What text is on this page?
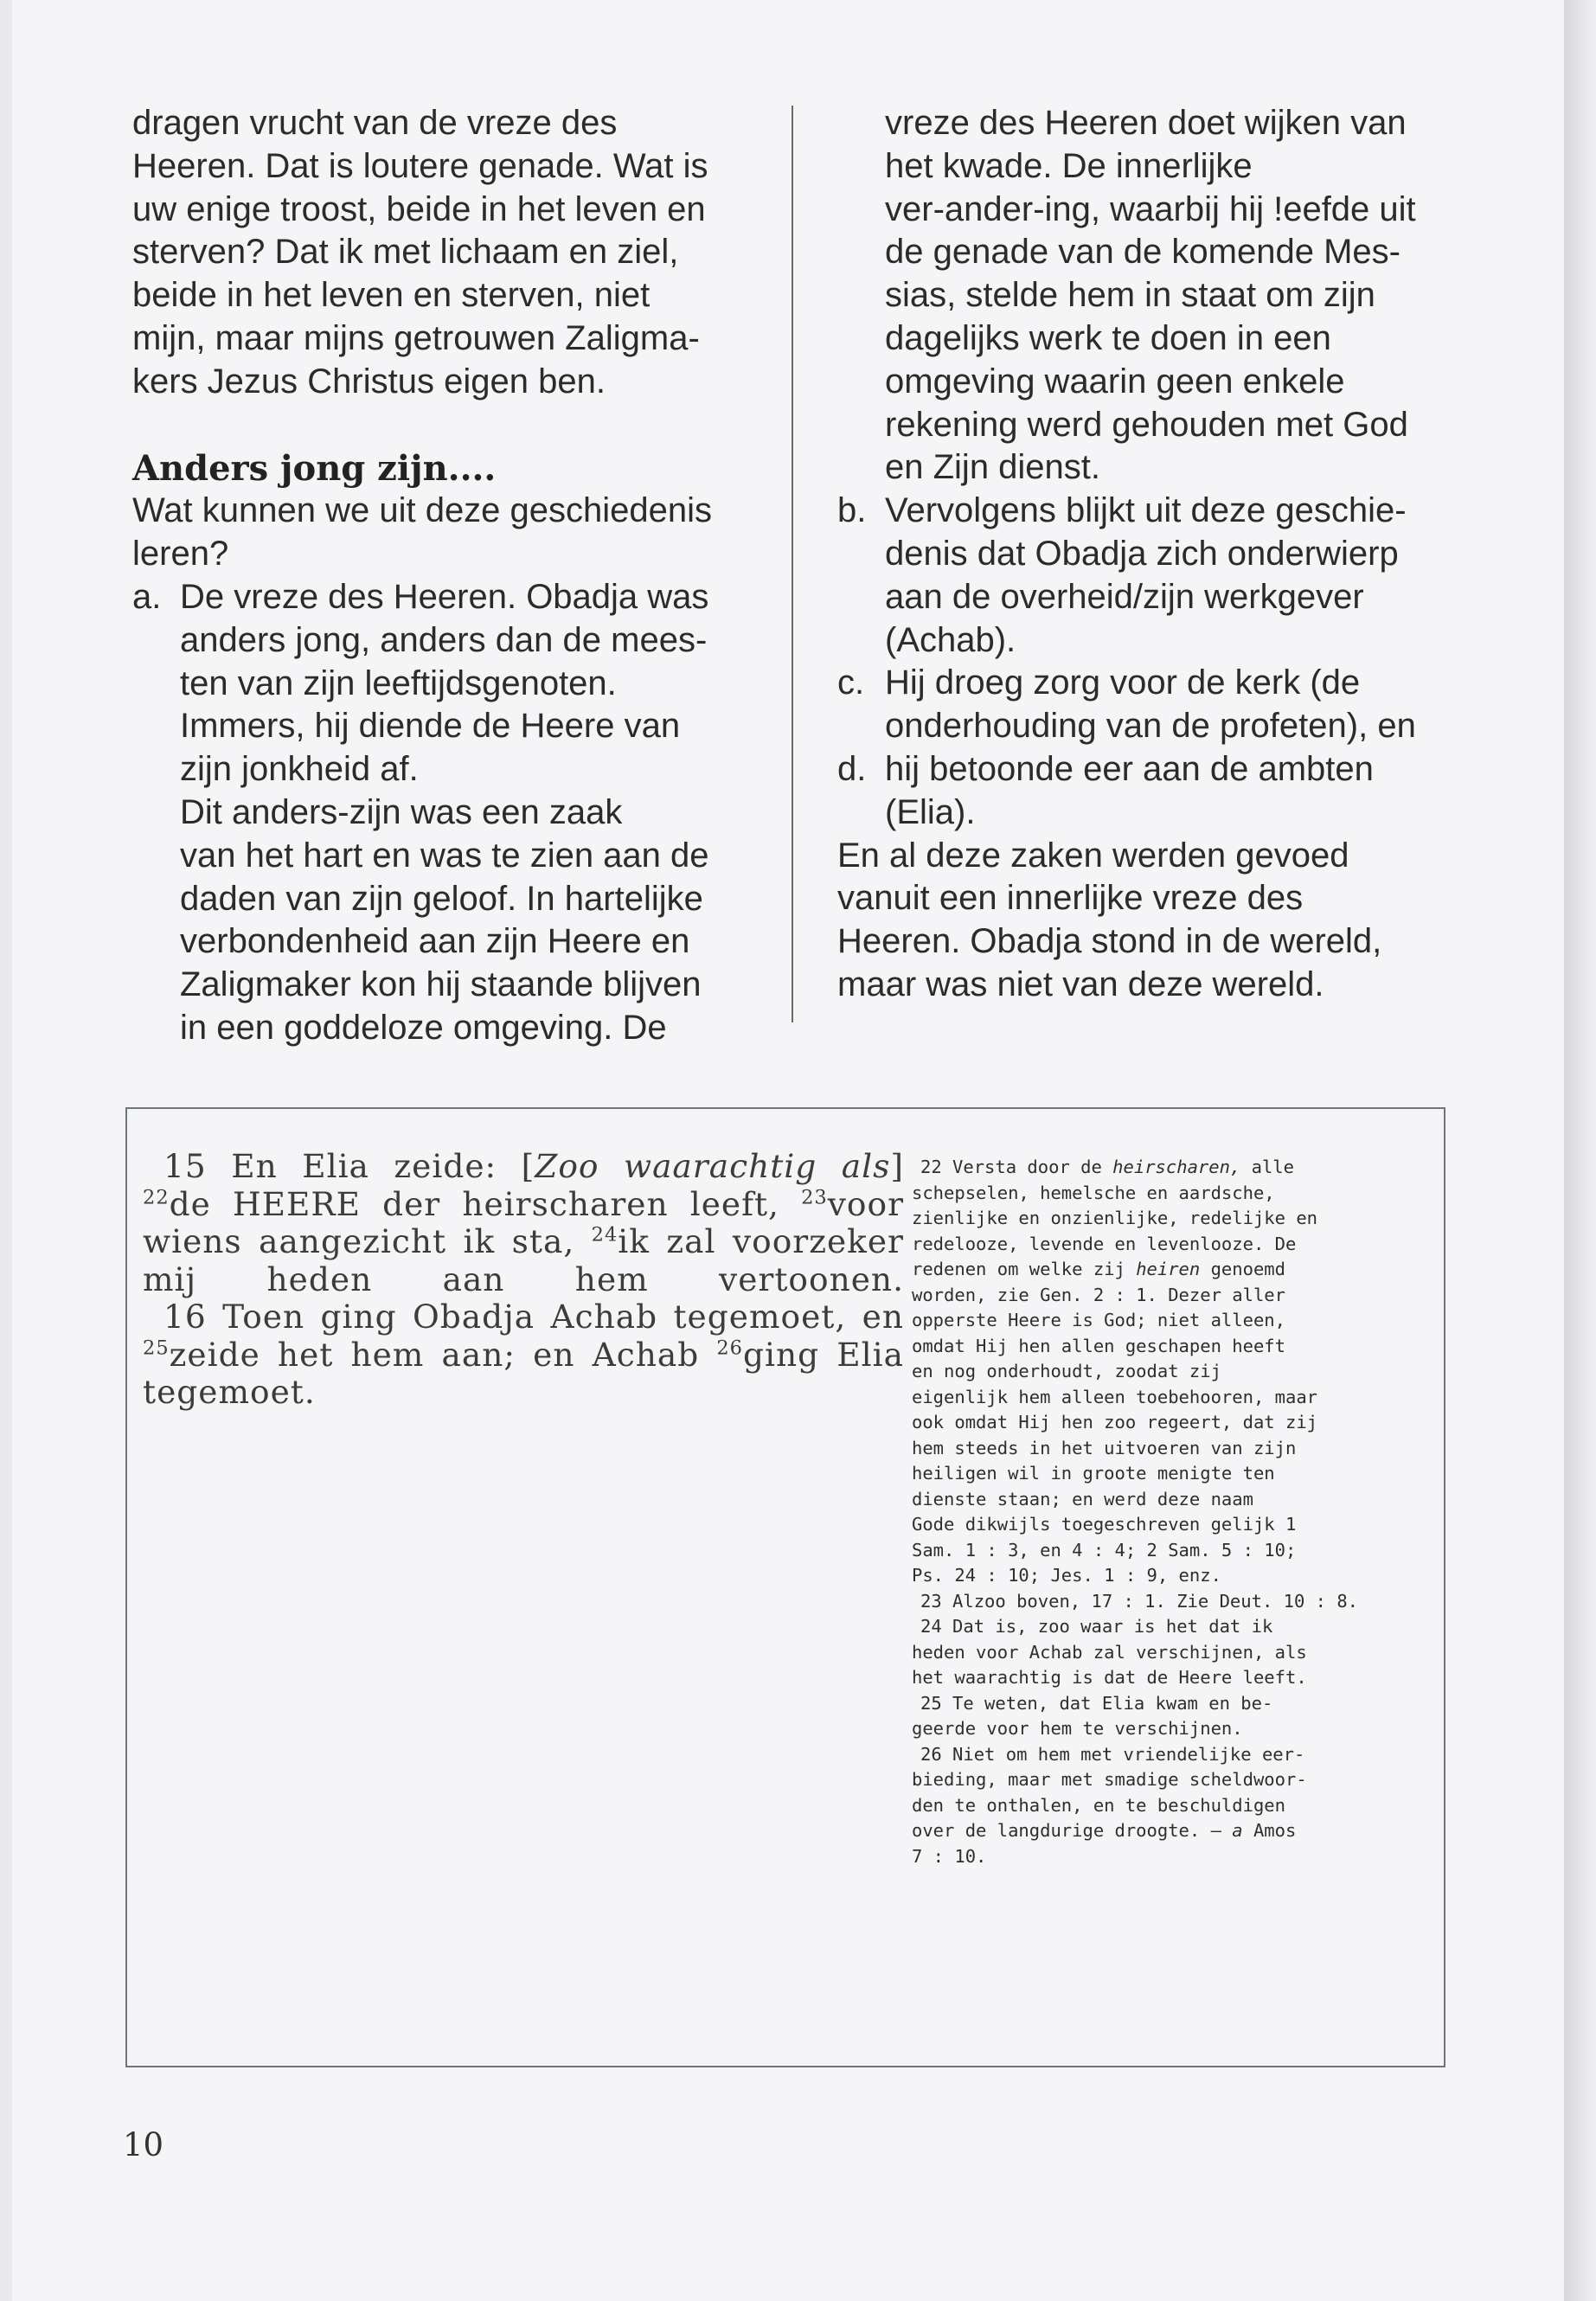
dragen vrucht van de vreze des
Heeren. Dat is loutere genade. Wat is
uw enige troost, beide in het leven en
sterven? Dat ik met lichaam en ziel,
beide in het leven en sterven, niet
mijn, maar mijns getrouwen Zaligma-
kers Jezus Christus eigen ben.
Anders jong zijn....
Wat kunnen we uit deze geschiedenis
leren?
a. De vreze des Heeren. Obadja was
anders jong, anders dan de mees-
ten van zijn leeftijdsgenoten.
Immers, hij diende de Heere van
zijn jonkheid af.
Dit anders-zijn was een zaak
van het hart en was te zien aan de
daden van zijn geloof. In hartelijke
verbondenheid aan zijn Heere en
Zaligmaker kon hij staande blijven
in een goddeloze omgeving. De
vreze des Heeren doet wijken van
het kwade. De innerlijke
ver-ander-ing, waarbij hij !eefde uit
de genade van de komende Mes-
sias, stelde hem in staat om zijn
dagelijks werk te doen in een
omgeving waarin geen enkele
rekening werd gehouden met God
en Zijn dienst.
b. Vervolgens blijkt uit deze geschie-
denis dat Obadja zich onderwierp
aan de overheid/zijn werkgever
(Achab).
c. Hij droeg zorg voor de kerk (de
onderhouding van de profeten), en
d. hij betoonde eer aan de ambten
(Elia).
En al deze zaken werden gevoed
vanuit een innerlijke vreze des
Heeren. Obadja stond in de wereld,
maar was niet van deze wereld.
15 En Elia zeide: [Zoo waarachtig als]
$^{22}$de HEERE der heirscharen leeft, $^{23}$voor
wiens aangezicht ik sta, $^{24}$ik zal voorzeker
mij heden aan hem vertoonen.
16 Toen ging Obadja Achab tegemoet, en
$^{25}$zeide het hem aan; en Achab $^{26}$ging Elia
tegemoet.
22 Versta door de heirscharen, alle
schepselen, hemelsche en aardsche,
zienlijke en onzienlijke, redelijke en
redelooze, levende en levenlooze. De
redenen om welke zij heiren genoemd
worden, zie Gen. 2 : 1. Dezer aller
opperste Heere is God; niet alleen,
omdat Hij hen allen geschapen heeft
en nog onderhoudt, zoodat zij
eigenlijk hem alleen toebehooren, maar
ook omdat Hij hen zoo regeert, dat zij
hem steeds in het uitvoeren van zijn
heiligen wil in groote menigte ten
dienste staan; en werd deze naam
Gode dikwijls toegeschreven gelijk 1
Sam. 1 : 3, en 4 : 4; 2 Sam. 5 : 10;
Ps. 24 : 10; Jes. 1 : 9, enz.
23 Alzoo boven, 17 : 1. Zie Deut. 10 : 8.
24 Dat is, zoo waar is het dat ik
heden voor Achab zal verschijnen, als
het waarachtig is dat de Heere leeft.
25 Te weten, dat Elia kwam en be-
geerde voor hem te verschijnen.
26 Niet om hem met vriendelijke eer-
bieding, maar met smadige scheldwoor-
den te onthalen, en te beschuldigen
over de langdurige droogte. — a Amos
7 : 10.
10
